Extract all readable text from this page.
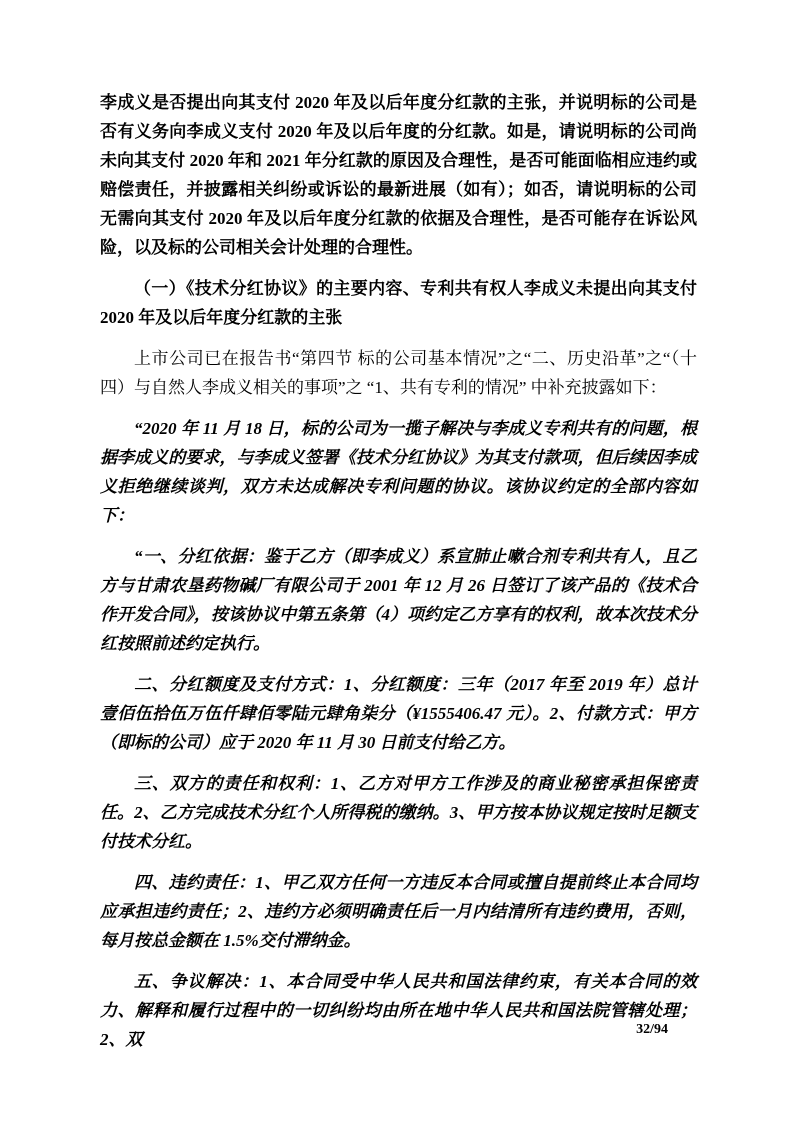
李成义是否提出向其支付 2020 年及以后年度分红款的主张，并说明标的公司是否有义务向李成义支付 2020 年及以后年度的分红款。如是，请说明标的公司尚未向其支付 2020 年和 2021 年分红款的原因及合理性，是否可能面临相应违约或赔偿责任，并披露相关纠纷或诉讼的最新进展（如有）；如否，请说明标的公司无需向其支付 2020 年及以后年度分红款的依据及合理性，是否可能存在诉讼风险，以及标的公司相关会计处理的合理性。

（一）《技术分红协议》的主要内容、专利共有权人李成义未提出向其支付 2020 年及以后年度分红款的主张

上市公司已在报告书“第四节 标的公司基本情况”之“二、历史沿革”之“（十四）与自然人李成义相关的事项”之 “1、共有专利的情况” 中补充披露如下：

“2020 年 11 月 18 日，标的公司为一揽子解决与李成义专利共有的问题，根据李成义的要求，与李成义签署《技术分红协议》为其支付款项，但后续因李成义拒绝继续谈判，双方未达成解决专利问题的协议。该协议约定的全部内容如下：

“一、分红依据：鉴于乙方（即李成义）系宣肺止嗽合剂专利共有人，且乙方与甘肃农垦药物碱厂有限公司于 2001 年 12 月 26 日签订了该产品的《技术合作开发合同》，按该协议中第五条第（4）项约定乙方享有的权利，故本次技术分红按照前述约定执行。

二、分红额度及支付方式：1、分红额度：三年（2017 年至 2019 年）总计壹佰伍拾伍万伍仟肆佰零陆元肆角柒分（¥1555406.47 元）。2、付款方式：甲方（即标的公司）应于 2020 年 11 月 30 日前支付给乙方。

三、双方的责任和权利：1、乙方对甲方工作涉及的商业秘密承担保密责任。2、乙方完成技术分红个人所得税的缴纳。3、甲方按本协议规定按时足额支付技术分红。

四、违约责任：1、甲乙双方任何一方违反本合同或擅自提前终止本合同均应承担违约责任；2、违约方必须明确责任后一月内结清所有违约费用，否则，每月按总金额在 1.5%交付滞纳金。

五、争议解决：1、本合同受中华人民共和国法律约束，有关本合同的效力、解释和履行过程中的一切纠纷均由所在地中华人民共和国法院管辖处理；2、双

32/94
